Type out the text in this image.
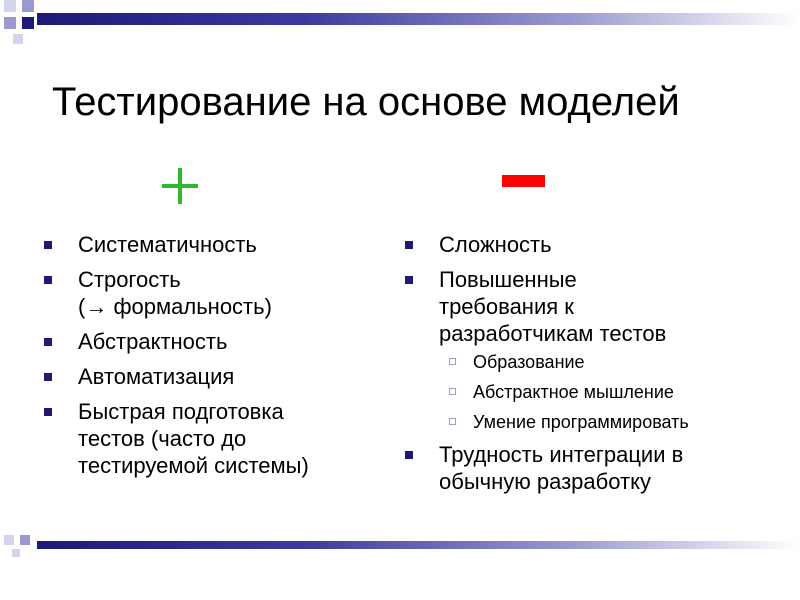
Тестирование на основе моделей
Систематичность
Строгость
(→ формальность)
Абстрактность
Автоматизация
Быстрая подготовка
тестов (часто до
тестируемой системы)
Сложность
Повышенные
требования к
разработчикам тестов
Образование
Абстрактное мышление
Умение программировать
Трудность интеграции в
обычную разработку
